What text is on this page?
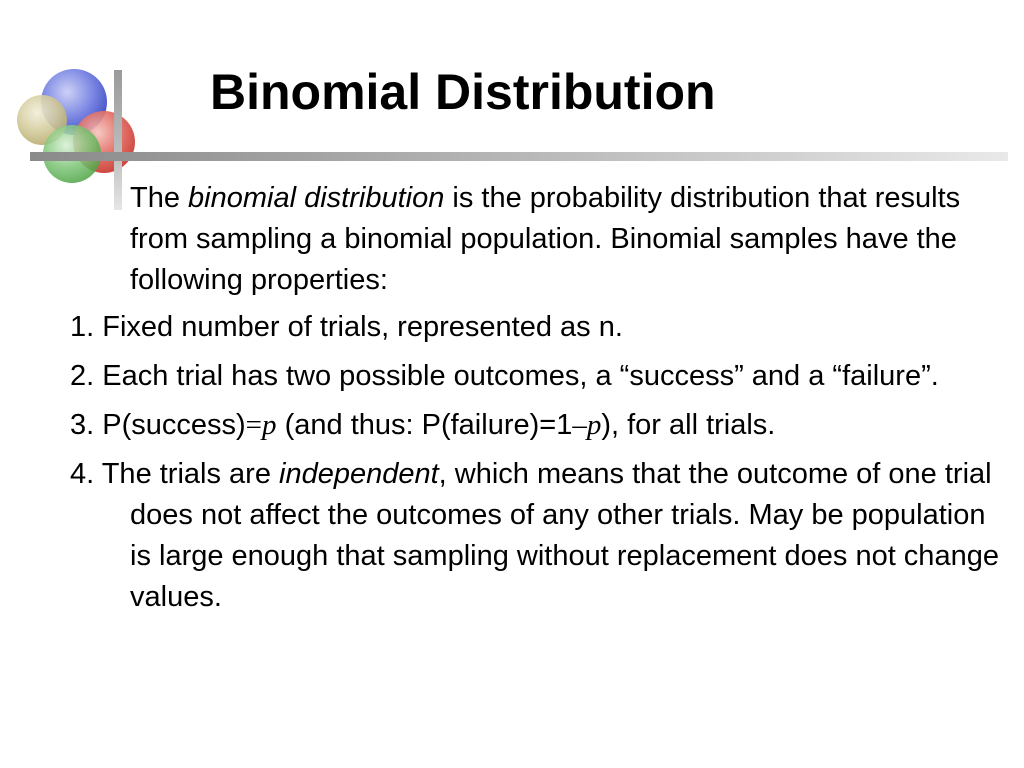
Binomial Distribution

The binomial distribution is the probability distribution that results from sampling a binomial population. Binomial samples have the following properties:

1. Fixed number of trials, represented as n.

2. Each trial has two possible outcomes, a “success” and a “failure”.

3. P(success)=p (and thus: P(failure)=1–p), for all trials.

4. The trials are independent, which means that the outcome of one trial does not affect the outcomes of any other trials. May be population is large enough that sampling without replacement does not change values.
